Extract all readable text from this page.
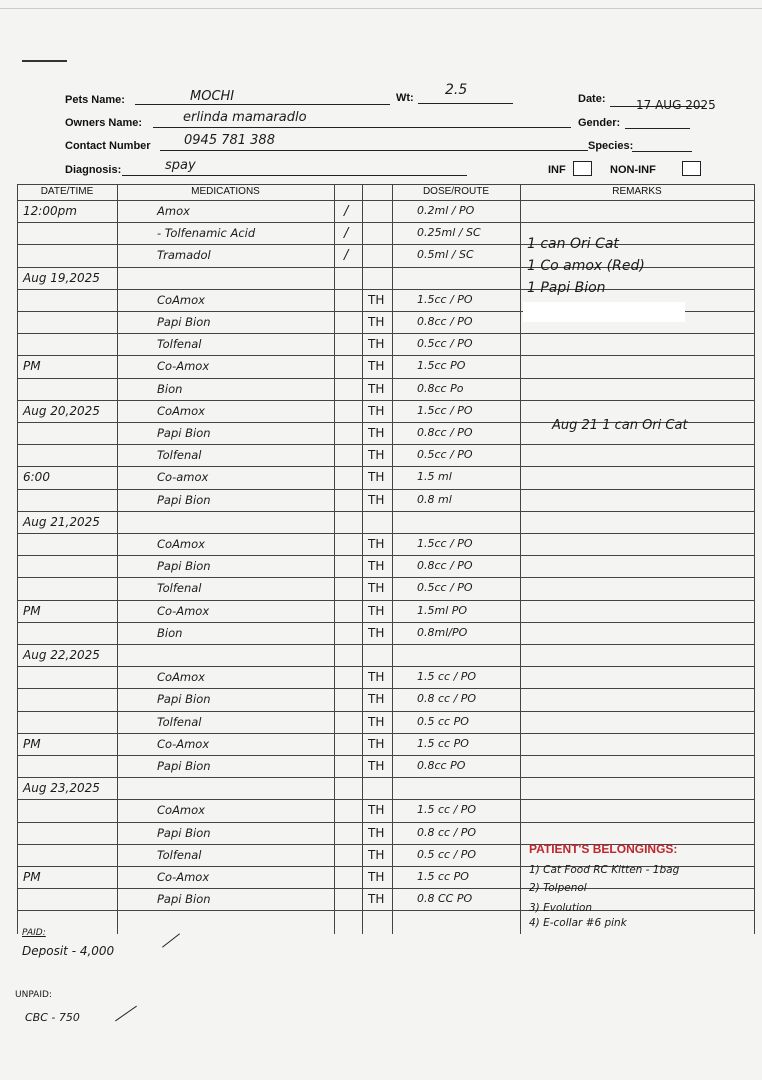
Pets Name:	MOCHI	Wt: 2.5
Date:	17 AUG 2025
Owners Name:	erlinda mamaradlo	Gender:
Contact Number	0945 781 388	Species:
Diagnosis:	spay	INF	NON-INF
DATE/TIME	MEDICATIONS	DOSE/ROUTE	REMARKS
12:00pm	Amox	/	0.2ml / PO
- Tolfenamic Acid	/	0.25ml / SC
Tramadol	/	0.5ml / SC
Aug 19,2025
CoAmox	TH	1.5cc / PO
Papi Bion	TH	0.8cc / PO
Tolfenal	TH	0.5cc / PO
PM	Co-Amox	TH	1.5cc PO
Bion	TH	0.8cc Po
Aug 20,2025	CoAmox	TH	1.5cc / PO
Papi Bion	TH	0.8cc / PO
Tolfenal	TH	0.5cc / PO
6:00	Co-amox	TH	1.5 ml
Papi Bion	TH	0.8 ml
Aug 21,2025
CoAmox	TH	1.5cc / PO
Papi Bion	TH	0.8cc / PO
Tolfenal	TH	0.5cc / PO
PM	Co-Amox	TH	1.5ml PO
Bion	TH	0.8ml/PO
Aug 22,2025
CoAmox	TH	1.5 cc / PO
Papi Bion	TH	0.8 cc / PO
Tolfenal	TH	0.5 cc PO
PM	Co-Amox	TH	1.5 cc PO
Papi Bion	TH	0.8cc PO
Aug 23,2025
CoAmox	TH	1.5 cc / PO
Papi Bion	TH	0.8 cc / PO
Tolfenal	TH	0.5 cc / PO
PM	Co-Amox	TH	1.5 cc PO
Papi Bion	TH	0.8 CC PO
1 can Ori Cat
1 Co amox (Red)
1 Papi Bion
Aug 21 1 can Ori Cat
PATIENT'S BELONGINGS:
1) Cat Food RC Kitten - 1bag
2) Tolpenol
3) Evolution
4) E-collar #6 pink
PAID:
Deposit - 4,000
UNPAID:
CBC - 750
